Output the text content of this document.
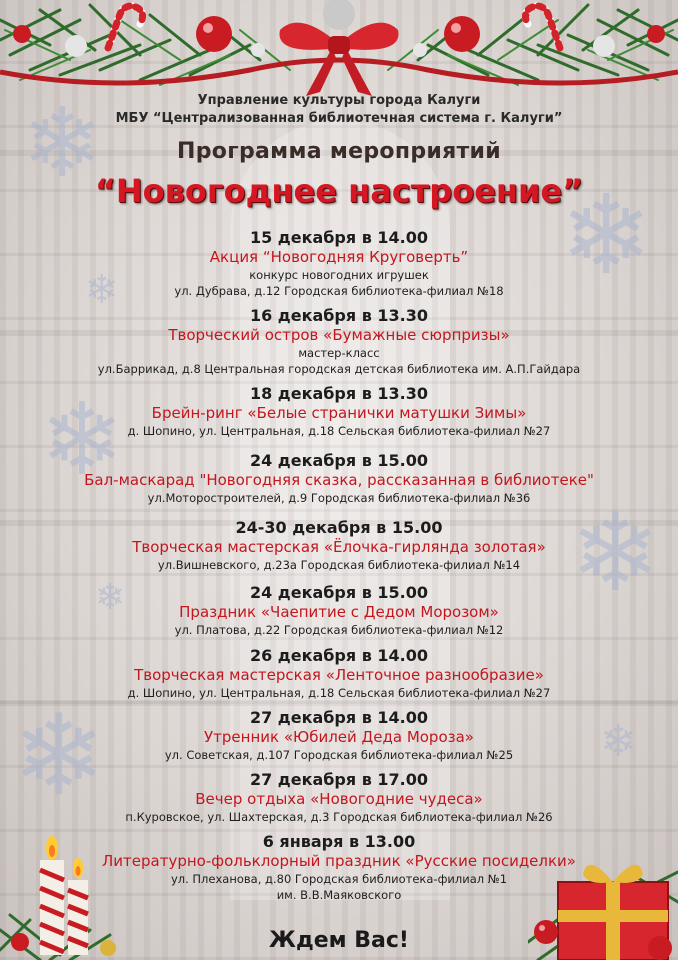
❄
❄
❄
❄
❄
❄
❄
❄
Управление культуры города Калуги
МБУ “Централизованная библиотечная система г. Калуги”
Программа мероприятий
“Новогоднее настроение”
15 декабря в 14.00
Акция “Новогодняя Круговерть”
конкурс новогодних игрушек
ул. Дубрава, д.12 Городская библиотека-филиал №18
16 декабря в 13.30
Творческий остров «Бумажные сюрпризы»
мастер-класс
ул.Баррикад, д.8 Центральная городская детская библиотека им. А.П.Гайдара
18 декабря в 13.30
Брейн-ринг «Белые странички матушки Зимы»
д. Шопино, ул. Центральная, д.18 Сельская библиотека-филиал №27
24 декабря в 15.00
Бал-маскарад "Новогодняя сказка, рассказанная в библиотеке"
ул.Моторостроителей, д.9 Городская библиотека-филиал №36
24-30 декабря в 15.00
Творческая мастерская «Ёлочка-гирлянда золотая»
ул.Вишневского, д.23а Городская библиотека-филиал №14
24 декабря в 15.00
Праздник «Чаепитие с Дедом Морозом»
ул. Платова, д.22 Городская библиотека-филиал №12
26 декабря в 14.00
Творческая мастерская «Ленточное разнообразие»
д. Шопино, ул. Центральная, д.18 Сельская библиотека-филиал №27
27 декабря в 14.00
Утренник «Юбилей Деда Мороза»
ул. Советская, д.107 Городская библиотека-филиал №25
27 декабря в 17.00
Вечер отдыха «Новогодние чудеса»
п.Куровское, ул. Шахтерская, д.3 Городская библиотека-филиал №26
6 января в 13.00
Литературно-фольклорный праздник «Русские посиделки»
ул. Плеханова, д.80 Городская библиотека-филиал №1
им. В.В.Маяковского
Ждем Вас!
